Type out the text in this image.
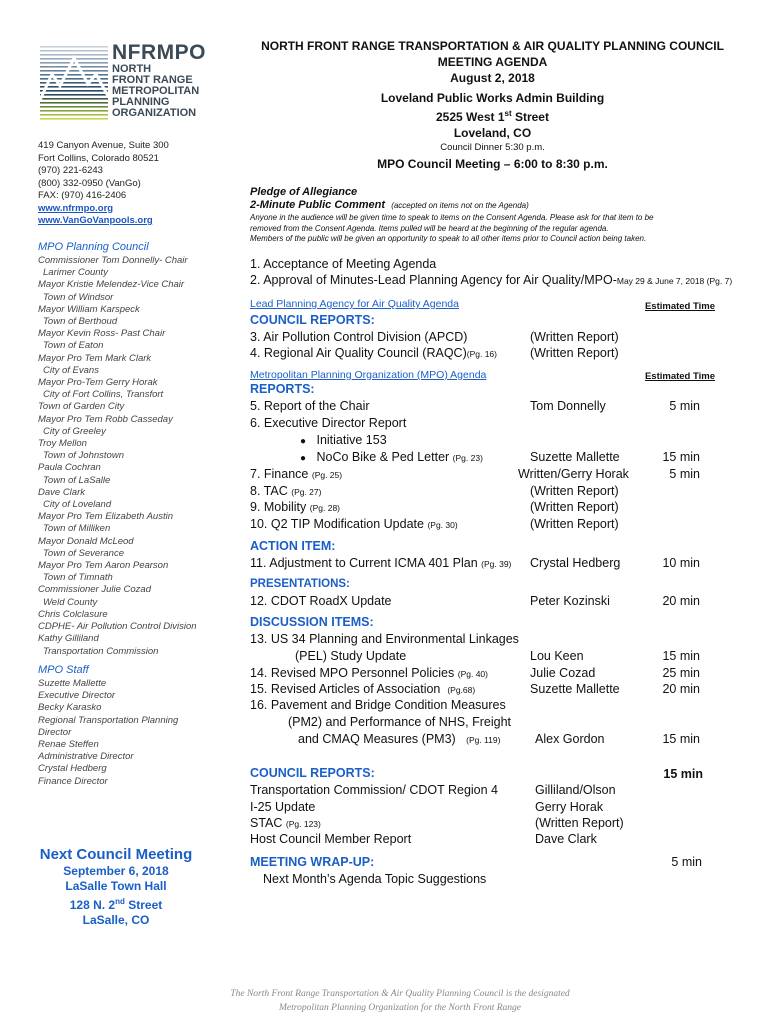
NFRMPO
NORTH
FRONT RANGE
METROPOLITAN
PLANNING
ORGANIZATION
419 Canyon Avenue, Suite 300
Fort Collins, Colorado 80521
(970) 221-6243
(800) 332-0950 (VanGo)
FAX: (970) 416-2406
www.nfrmpo.org
www.VanGoVanpools.org
MPO Planning Council
Commissioner Tom Donnelly- Chair
Larimer County
Mayor Kristie Melendez-Vice Chair
Town of Windsor
Mayor William Karspeck
Town of Berthoud
Mayor Kevin Ross- Past Chair
Town of Eaton
Mayor Pro Tem Mark Clark
City of Evans
Mayor Pro-Tem Gerry Horak
City of Fort Collins, Transfort
Town of Garden City
Mayor Pro Tem Robb Casseday
City of Greeley
Troy Mellon
Town of Johnstown
Paula Cochran
Town of LaSalle
Dave Clark
City of Loveland
Mayor Pro Tem Elizabeth Austin
Town of Milliken
Mayor Donald McLeod
Town of Severance
Mayor Pro Tem Aaron Pearson
Town of Timnath
Commissioner Julie Cozad
Weld County
Chris Colclasure
CDPHE- Air Pollution Control Division
Kathy Gilliland
Transportation Commission
MPO Staff
Suzette Mallette
Executive Director
Becky Karasko
Regional Transportation Planning
Director
Renae Steffen
Administrative Director
Crystal Hedberg
Finance Director
Next Council Meeting
September 6, 2018
LaSalle Town Hall
128 N. 2nd Street
LaSalle, CO
NORTH FRONT RANGE TRANSPORTATION & AIR QUALITY PLANNING COUNCIL
MEETING AGENDA
August 2, 2018
Loveland Public Works Admin Building
2525 West 1st Street
Loveland, CO
Council Dinner 5:30 p.m.
MPO Council Meeting – 6:00 to 8:30 p.m.
Pledge of Allegiance
2-Minute Public Comment (accepted on items not on the Agenda)
Anyone in the audience will be given time to speak to items on the Consent Agenda. Please ask for that item to be
removed from the Consent Agenda. Items pulled will be heard at the beginning of the regular agenda.
Members of the public will be given an opportunity to speak to all other items prior to Council action being taken.
1. Acceptance of Meeting Agenda
2. Approval of Minutes-Lead Planning Agency for Air Quality/MPO-May 29 & June 7, 2018 (Pg. 7)
Lead Planning Agency for Air Quality Agenda	Estimated Time
COUNCIL REPORTS:
3. Air Pollution Control Division (APCD)	(Written Report)
4. Regional Air Quality Council (RAQC)(Pg. 16)	(Written Report)
Metropolitan Planning Organization (MPO) Agenda	Estimated Time
REPORTS:
5. Report of the Chair	Tom Donnelly	5 min
6. Executive Director Report
● Initiative 153
● NoCo Bike & Ped Letter (Pg. 23)	Suzette Mallette	15 min
7. Finance (Pg. 25)	Written/Gerry Horak	5 min
8. TAC (Pg. 27)	(Written Report)
9. Mobility (Pg. 28)	(Written Report)
10. Q2 TIP Modification Update (Pg. 30)	(Written Report)
ACTION ITEM:
11. Adjustment to Current ICMA 401 Plan (Pg. 39)	Crystal Hedberg	10 min
PRESENTATIONS:
12. CDOT RoadX Update	Peter Kozinski	20 min
DISCUSSION ITEMS:
13. US 34 Planning and Environmental Linkages
(PEL) Study Update	Lou Keen	15 min
14. Revised MPO Personnel Policies (Pg. 40)	Julie Cozad	25 min
15. Revised Articles of Association (Pg.68)	Suzette Mallette	20 min
16. Pavement and Bridge Condition Measures
(PM2) and Performance of NHS, Freight
and CMAQ Measures (PM3) (Pg. 119)	Alex Gordon	15 min
COUNCIL REPORTS:	15 min
Transportation Commission/ CDOT Region 4	Gilliland/Olson
I-25 Update	Gerry Horak
STAC (Pg. 123)	(Written Report)
Host Council Member Report	Dave Clark
MEETING WRAP-UP:	5 min
Next Month’s Agenda Topic Suggestions
The North Front Range Transportation & Air Quality Planning Council is the designated
Metropolitan Planning Organization for the North Front Range
